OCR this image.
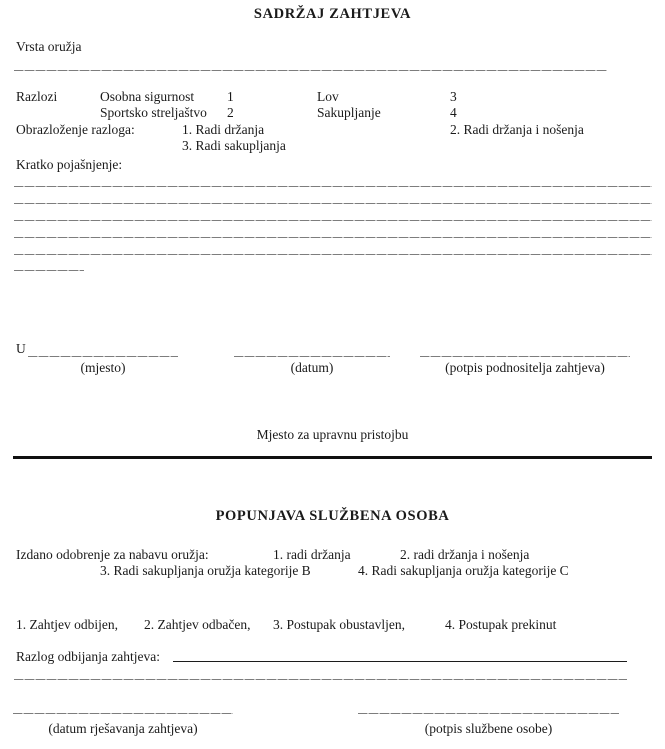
SADRŽAJ ZAHTJEVA
Vrsta oružja
Razlozi	Osobna sigurnost 1	Lov	3
Sportsko streljaštvo 2	Sakupljanje	4
Obrazloženje razloga:	1. Radi držanja	2. Radi držanja i nošenja
3. Radi sakupljanja
Kratko pojašnjenje:
U
(mjesto)	(datum)	(potpis podnositelja zahtjeva)
Mjesto za upravnu pristojbu
POPUNJAVA SLUŽBENA OSOBA
Izdano odobrenje za nabavu oružja:	1. radi držanja	2. radi držanja i nošenja
3. Radi sakupljanja oružja kategorije B	4. Radi sakupljanja oružja kategorije C
1. Zahtjev odbijen, 2. Zahtjev odbačen, 3. Postupak obustavljen,	4. Postupak prekinut
Razlog odbijanja zahtjeva:
(datum rješavanja zahtjeva)	(potpis službene osobe)
